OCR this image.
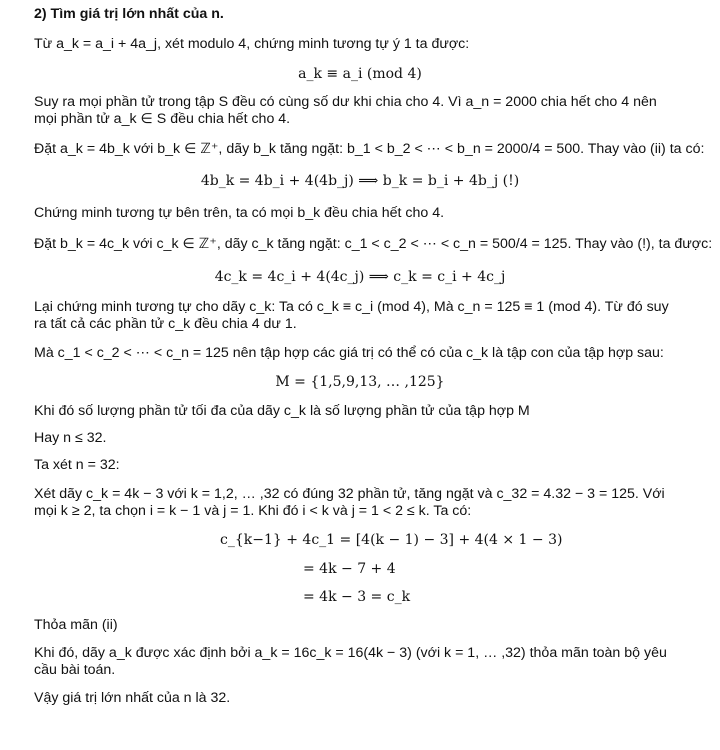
2) Tìm giá trị lớn nhất của n.
Từ a_k = a_i + 4a_j, xét modulo 4, chứng minh tương tự ý 1 ta được:
a_k ≡ a_i (mod 4)
Suy ra mọi phần tử trong tập S đều có cùng số dư khi chia cho 4. Vì a_n = 2000 chia hết cho 4 nên
mọi phần tử a_k ∈ S đều chia hết cho 4.
Đặt a_k = 4b_k với b_k ∈ ℤ⁺, dãy b_k tăng ngặt: b_1 < b_2 < ⋯ < b_n = 2000/4 = 500. Thay vào (ii) ta có:
4b_k = 4b_i + 4(4b_j) ⟹ b_k = b_i + 4b_j (!)
Chứng minh tương tự bên trên, ta có mọi b_k đều chia hết cho 4.
Đặt b_k = 4c_k với c_k ∈ ℤ⁺, dãy c_k tăng ngặt: c_1 < c_2 < ⋯ < c_n = 500/4 = 125. Thay vào (!), ta được:
4c_k = 4c_i + 4(4c_j) ⟹ c_k = c_i + 4c_j
Lại chứng minh tương tự cho dãy c_k: Ta có c_k ≡ c_i (mod 4), Mà c_n = 125 ≡ 1 (mod 4). Từ đó suy
ra tất cả các phần tử c_k đều chia 4 dư 1.
Mà c_1 < c_2 < ⋯ < c_n = 125 nên tập hợp các giá trị có thể có của c_k là tập con của tập hợp sau:
M = {1,5,9,13, … ,125}
Khi đó số lượng phần tử tối đa của dãy c_k là số lượng phần tử của tập hợp M
Hay n ≤ 32.
Ta xét n = 32:
Xét dãy c_k = 4k − 3 với k = 1,2, … ,32 có đúng 32 phần tử, tăng ngặt và c_32 = 4.32 − 3 = 125. Với
mọi k ≥ 2, ta chọn i = k − 1 và j = 1. Khi đó i < k và j = 1 < 2 ≤ k. Ta có:
c_{k−1} + 4c_1 = [4(k − 1) − 3] + 4(4 × 1 − 3)
= 4k − 7 + 4
= 4k − 3 = c_k
Thỏa mãn (ii)
Khi đó, dãy a_k được xác định bởi a_k = 16c_k = 16(4k − 3) (với k = 1, … ,32) thỏa mãn toàn bộ yêu
cầu bài toán.
Vậy giá trị lớn nhất của n là 32.
